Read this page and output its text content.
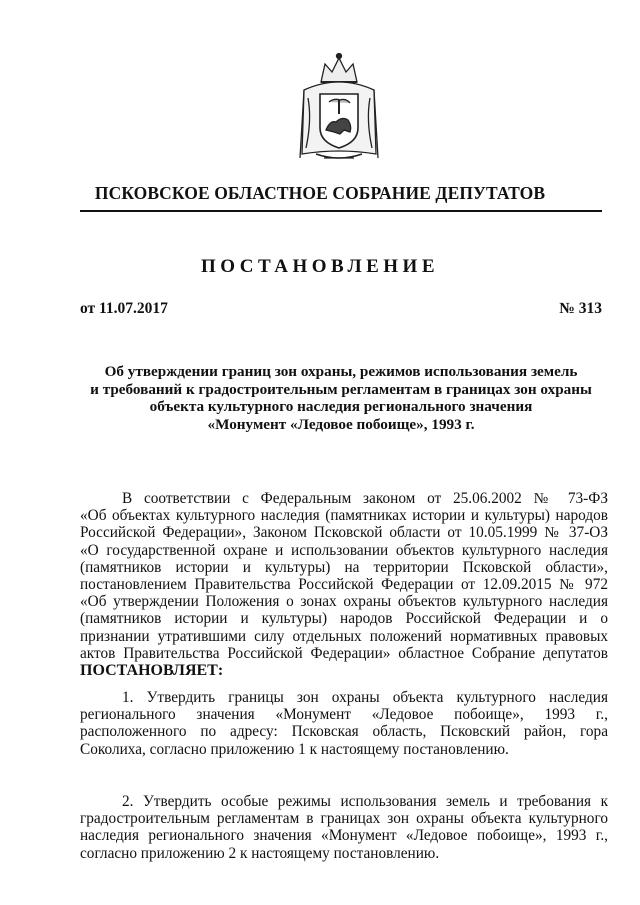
ПСКОВСКОЕ ОБЛАСТНОЕ СОБРАНИЕ ДЕПУТАТОВ
ПОСТАНОВЛЕНИЕ
от 11.07.2017	№ 313
Об утверждении границ зон охраны, режимов использования земель
и требований к градостроительным регламентам в границах зон охраны
объекта культурного наследия регионального значения
«Монумент «Ледовое побоище», 1993 г.
В соответствии с Федеральным законом от 25.06.2002 № 73-ФЗ
«Об объектах культурного наследия (памятниках истории и культуры) народов
Российской Федерации», Законом Псковской области от 10.05.1999 № 37-ОЗ
«О государственной охране и использовании объектов культурного наследия
(памятников истории и культуры) на территории Псковской области»,
постановлением Правительства Российской Федерации от 12.09.2015 № 972
«Об утверждении Положения о зонах охраны объектов культурного наследия
(памятников истории и культуры) народов Российской Федерации и о
признании утратившими силу отдельных положений нормативных правовых
актов Правительства Российской Федерации» областное Собрание депутатов
ПОСТАНОВЛЯЕТ:
1. Утвердить границы зон охраны объекта культурного наследия
регионального значения «Монумент «Ледовое побоище», 1993 г.,
расположенного по адресу: Псковская область, Псковский район, гора
Соколиха, согласно приложению 1 к настоящему постановлению.
2. Утвердить особые режимы использования земель и требования к
градостроительным регламентам в границах зон охраны объекта культурного
наследия регионального значения «Монумент «Ледовое побоище», 1993 г.,
согласно приложению 2 к настоящему постановлению.
